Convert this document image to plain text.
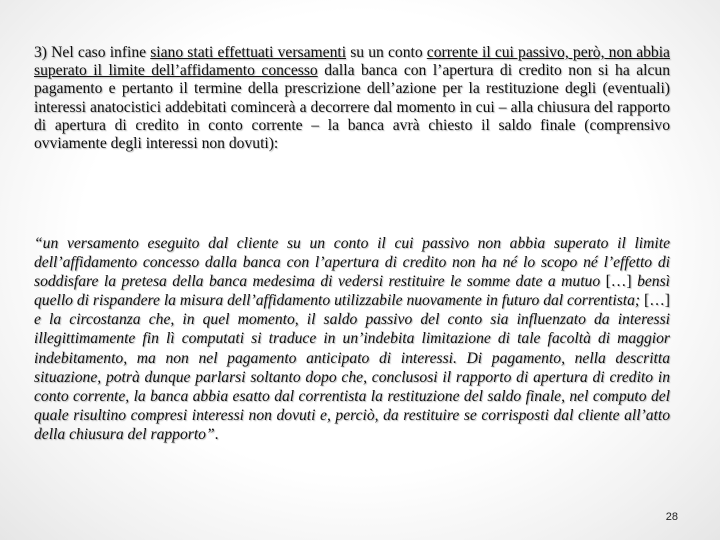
3) Nel caso infine siano stati effettuati versamenti su un conto corrente il cui passivo, però, non abbia superato il limite dell’affidamento concesso dalla banca con l’apertura di credito non si ha alcun pagamento e pertanto il termine della prescrizione dell’azione per la restituzione degli (eventuali) interessi anatocistici addebitati comincerà a decorrere dal momento in cui – alla chiusura del rapporto di apertura di credito in conto corrente – la banca avrà chiesto il saldo finale (comprensivo ovviamente degli interessi non dovuti):

“un versamento eseguito dal cliente su un conto il cui passivo non abbia superato il limite dell’affidamento concesso dalla banca con l’apertura di credito non ha né lo scopo né l’effetto di soddisfare la pretesa della banca medesima di vedersi restituire le somme date a mutuo […] bensì quello di rispandere la misura dell’affidamento utilizzabile nuovamente in futuro dal correntista; […] e la circostanza che, in quel momento, il saldo passivo del conto sia influenzato da interessi illegittimamente fin lì computati si traduce in un’indebita limitazione di tale facoltà di maggior indebitamento, ma non nel pagamento anticipato di interessi. Di pagamento, nella descritta situazione, potrà dunque parlarsi soltanto dopo che, conclusosi il rapporto di apertura di credito in conto corrente, la banca abbia esatto dal correntista la restituzione del saldo finale, nel computo del quale risultino compresi interessi non dovuti e, perciò, da restituire se corrisposti dal cliente all’atto della chiusura del rapporto”.

28
